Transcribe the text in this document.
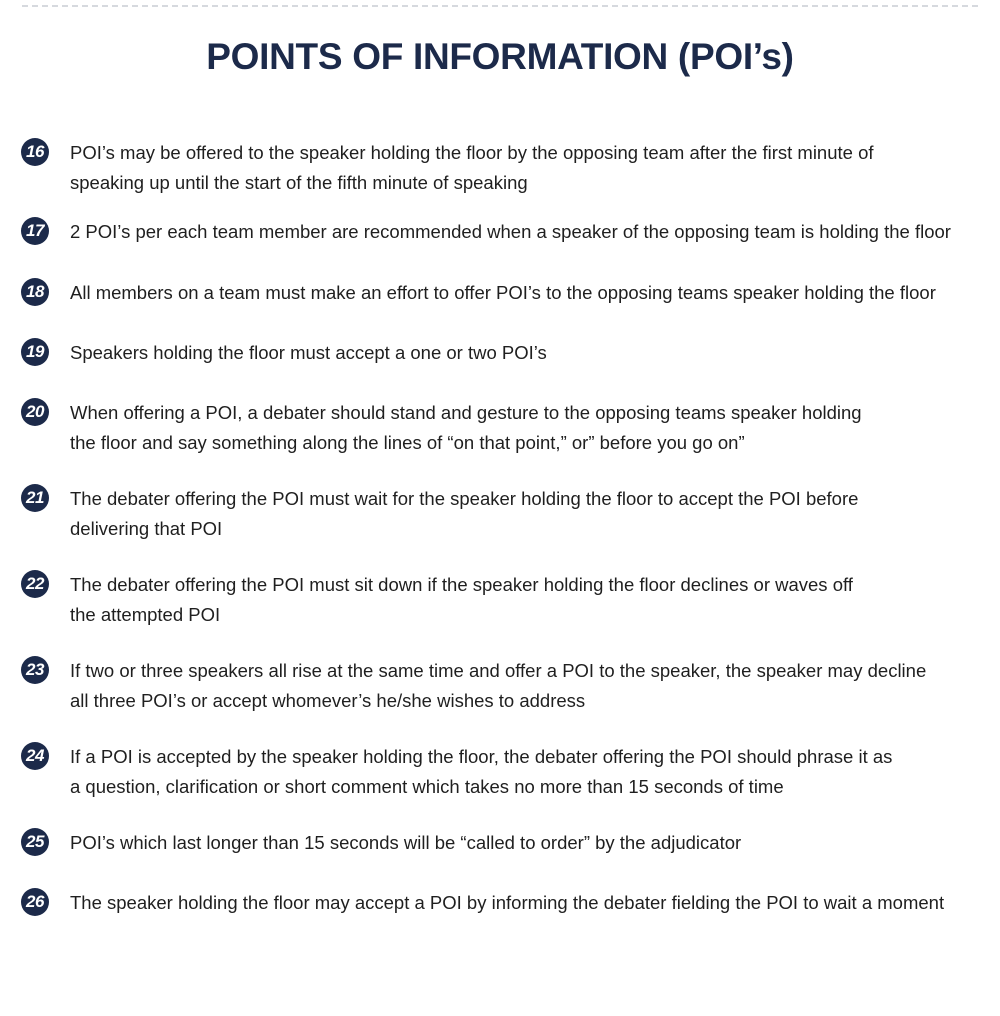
POINTS OF INFORMATION (POI’s)
16 POI’s may be offered to the speaker holding the floor by the opposing team after the first minute of
speaking up until the start of the fifth minute of speaking

17 2 POI’s per each team member are recommended when a speaker of the opposing team is holding the floor

18 All members on a team must make an effort to offer POI’s to the opposing teams speaker holding the floor

19 Speakers holding the floor must accept a one or two POI’s

20 When offering a POI, a debater should stand and gesture to the opposing teams speaker holding
the floor and say something along the lines of “on that point,” or” before you go on”

21 The debater offering the POI must wait for the speaker holding the floor to accept the POI before
delivering that POI

22 The debater offering the POI must sit down if the speaker holding the floor declines or waves off
the attempted POI

23 If two or three speakers all rise at the same time and offer a POI to the speaker, the speaker may decline
all three POI’s or accept whomever’s he/she wishes to address

24 If a POI is accepted by the speaker holding the floor, the debater offering the POI should phrase it as
a question, clarification or short comment which takes no more than 15 seconds of time

25 POI’s which last longer than 15 seconds will be “called to order” by the adjudicator

26 The speaker holding the floor may accept a POI by informing the debater fielding the POI to wait a moment
